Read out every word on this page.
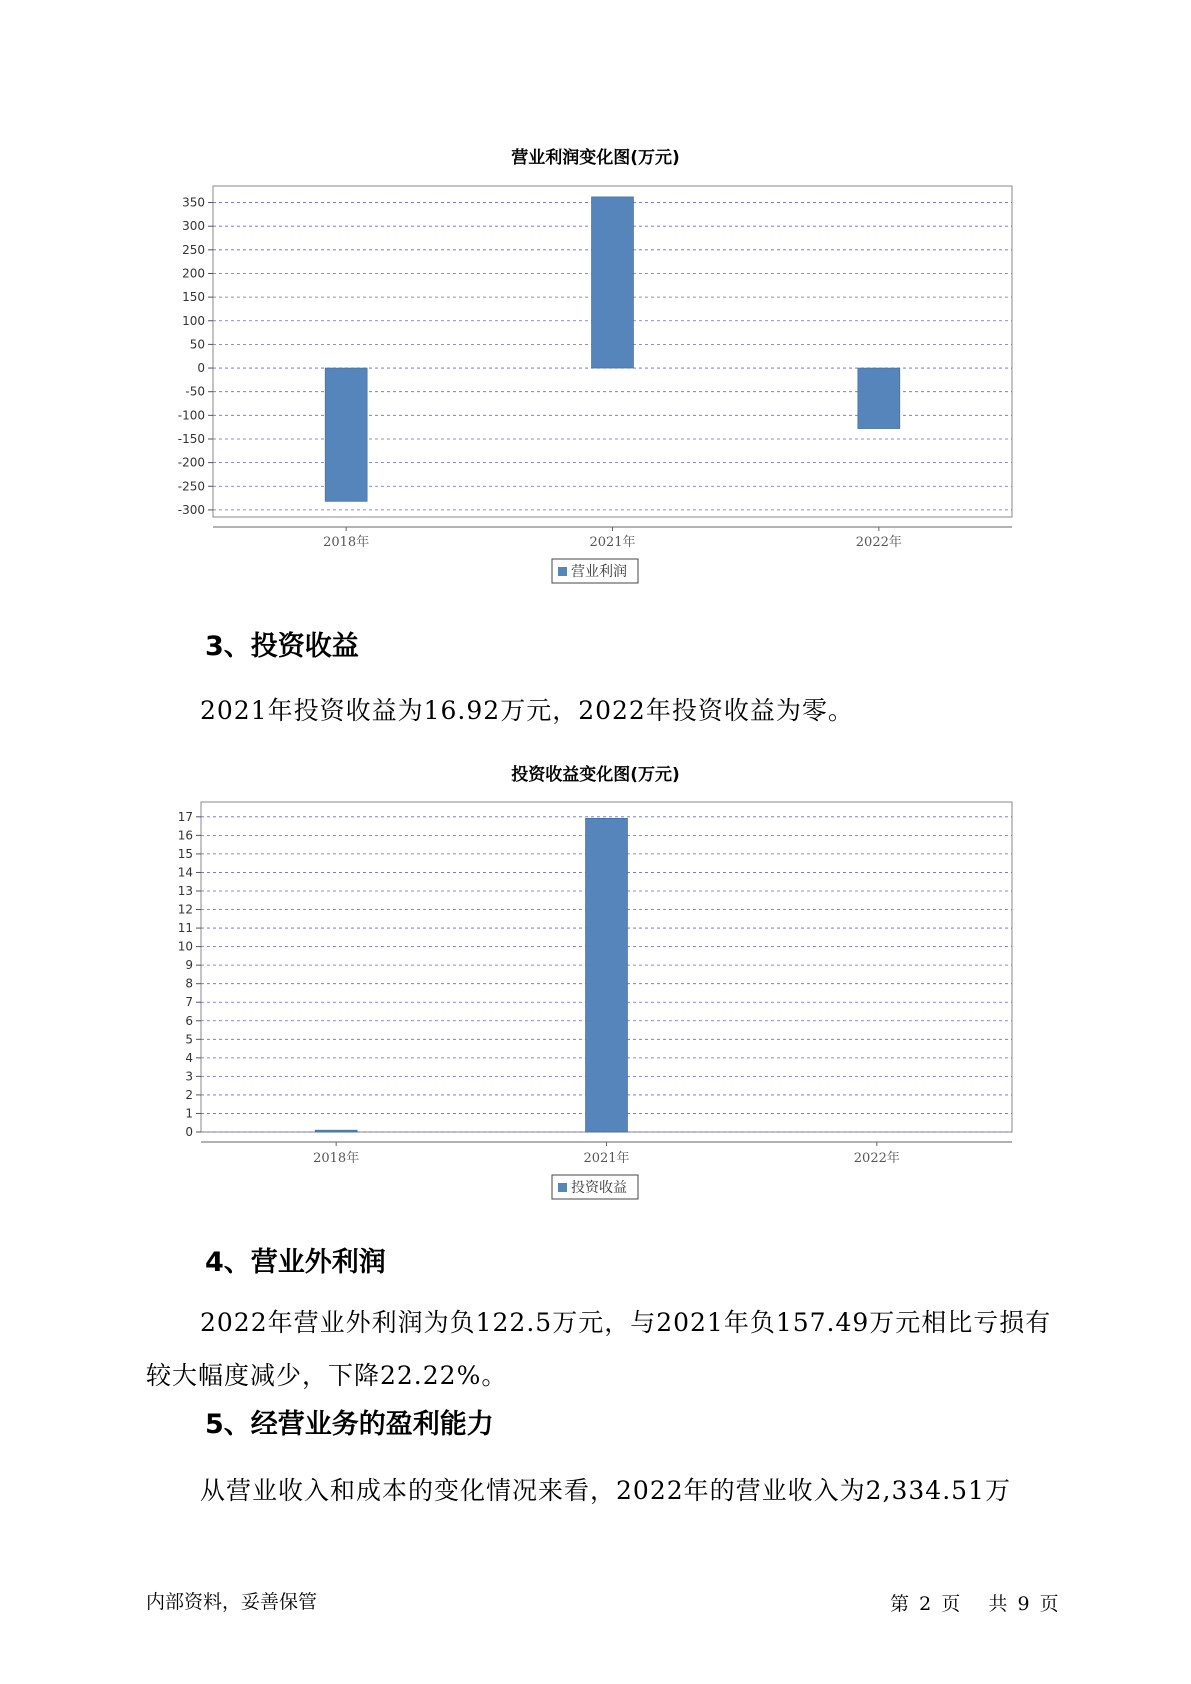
营业利润变化图(万元)
350
300
250
200
150
100
50
0
-50
-100
-150
-200
-250
-300
2018年	2021年	2022年
营业利润
3、投资收益
2021年投资收益为16.92万元，2022年投资收益为零。
投资收益变化图(万元)
17
16
15
14
13
12
11
10
9
8
7
6
5
4
3
2
1
0
2018年	2021年	2022年
投资收益
4、营业外利润
2022年营业外利润为负122.5万元，与2021年负157.49万元相比亏损有较大幅度减少，下降22.22%。
5、经营业务的盈利能力
从营业收入和成本的变化情况来看，2022年的营业收入为2,334.51万
内部资料，妥善保管	第 2 页 共 9 页
